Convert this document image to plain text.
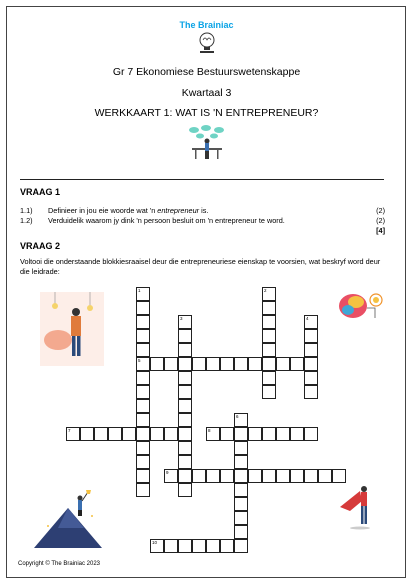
The Brainiac
Gr 7 Ekonomiese Bestuurswetenskappe
Kwartaal 3
WERKKAART 1: WAT IS 'N ENTREPRENEUR?
VRAAG 1
1.1) Definieer in jou eie woorde wat 'n entrepreneur is.	(2)
1.2) Verduidelik waarom jy dink 'n persoon besluit om 'n entrepreneur te word.	(2)
[4]
VRAAG 2
Voltooi die onderstaande blokkiesraaisel deur die entrepreneuriese eienskap te voorsien, wat beskryf word deur die leidrade:
1
5
2
3	4
6
7	8
9
10
Copyright © The Brainiac 2023
